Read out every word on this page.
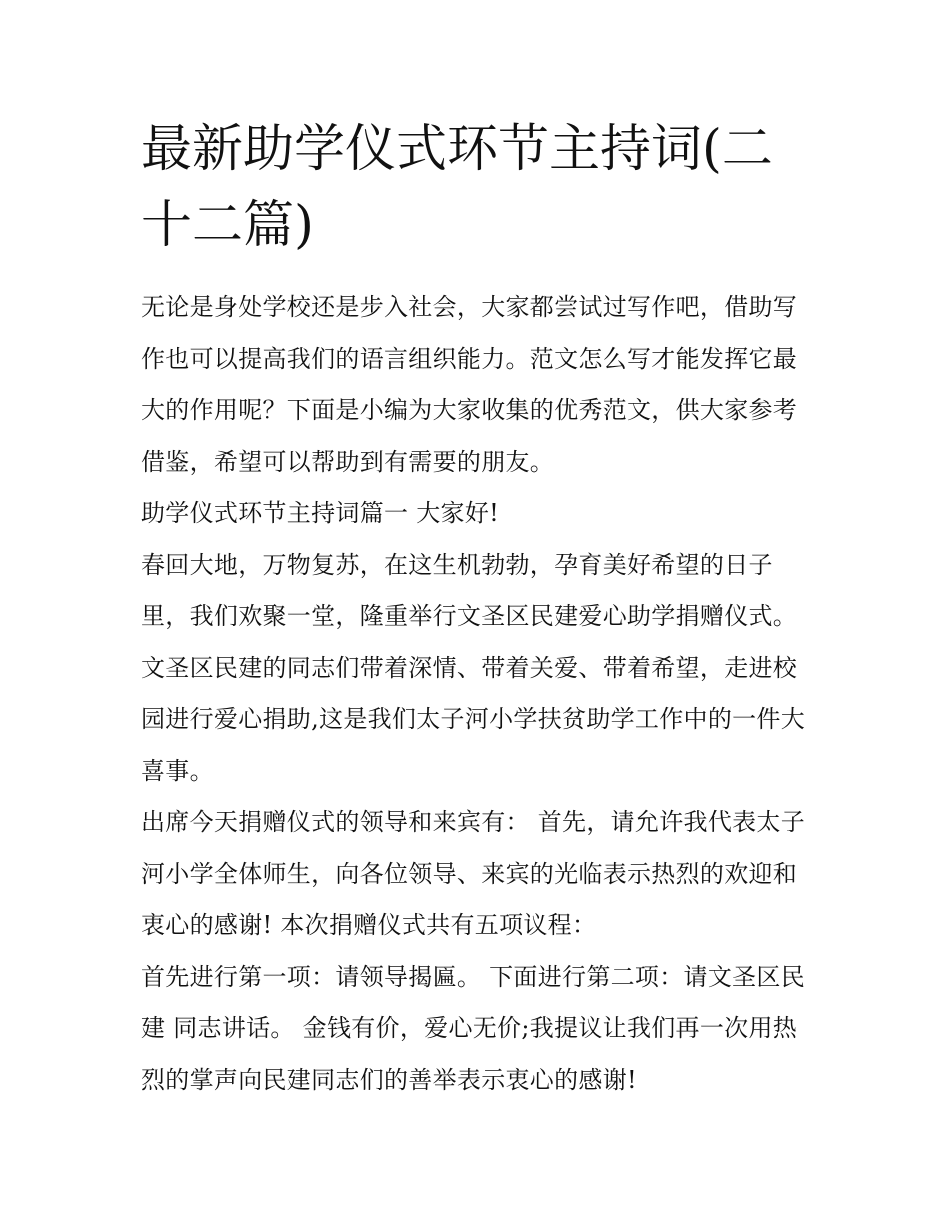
最新助学仪式环节主持词(二十二篇)

无论是身处学校还是步入社会，大家都尝试过写作吧，借助写作也可以提高我们的语言组织能力。范文怎么写才能发挥它最大的作用呢？下面是小编为大家收集的优秀范文，供大家参考借鉴，希望可以帮助到有需要的朋友。

助学仪式环节主持词篇一 大家好!

春回大地，万物复苏，在这生机勃勃，孕育美好希望的日子里，我们欢聚一堂，隆重举行文圣区民建爱心助学捐赠仪式。文圣区民建的同志们带着深情、带着关爱、带着希望，走进校园进行爱心捐助,这是我们太子河小学扶贫助学工作中的一件大喜事。

出席今天捐赠仪式的领导和来宾有： 首先，请允许我代表太子河小学全体师生，向各位领导、来宾的光临表示热烈的欢迎和衷心的感谢! 本次捐赠仪式共有五项议程：

首先进行第一项：请领导揭匾。 下面进行第二项：请文圣区民建 同志讲话。 金钱有价，爱心无价;我提议让我们再一次用热烈的掌声向民建同志们的善举表示衷心的感谢!
